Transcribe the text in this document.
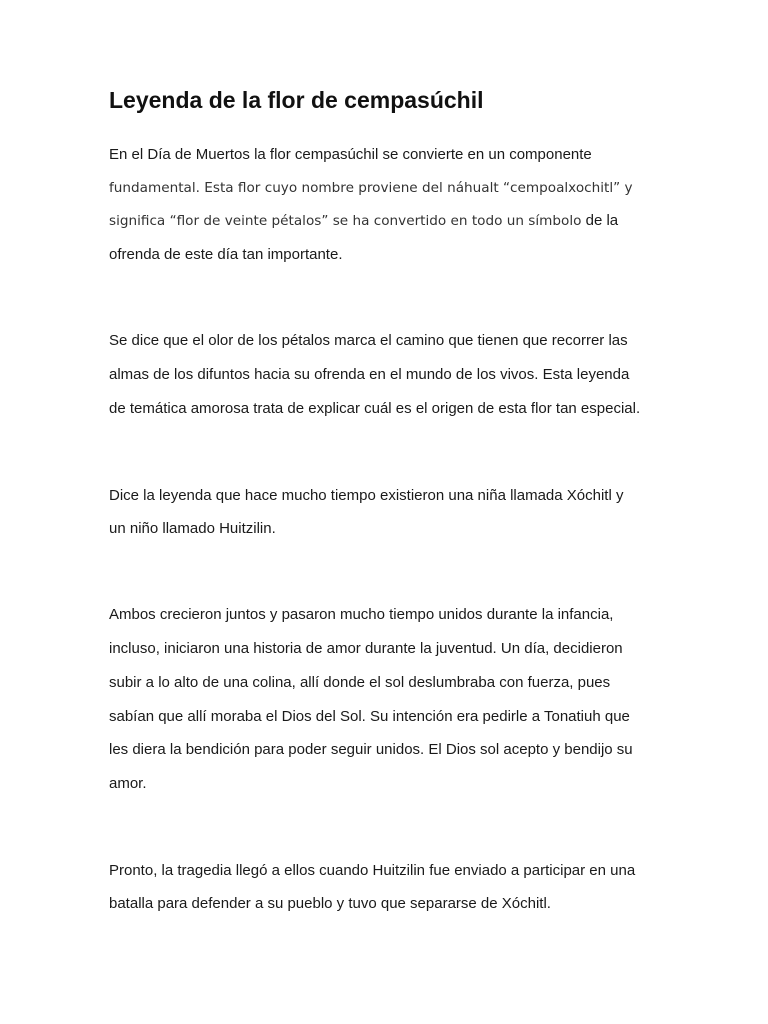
Leyenda de la flor de cempasúchil

En el Día de Muertos la flor cempasúchil se convierte en un componente

fundamental. Esta flor cuyo nombre proviene del náhualt “cempoalxochitl” y

significa “flor de veinte pétalos” se ha convertido en todo un símbolo de la

ofrenda de este día tan importante.

Se dice que el olor de los pétalos marca el camino que tienen que recorrer las

almas de los difuntos hacia su ofrenda en el mundo de los vivos. Esta leyenda

de temática amorosa trata de explicar cuál es el origen de esta flor tan especial.

Dice la leyenda que hace mucho tiempo existieron una niña llamada Xóchitl y

un niño llamado Huitzilin.

Ambos crecieron juntos y pasaron mucho tiempo unidos durante la infancia,

incluso, iniciaron una historia de amor durante la juventud. Un día, decidieron

subir a lo alto de una colina, allí donde el sol deslumbraba con fuerza, pues

sabían que allí moraba el Dios del Sol. Su intención era pedirle a Tonatiuh que

les diera la bendición para poder seguir unidos. El Dios sol acepto y bendijo su

amor.

Pronto, la tragedia llegó a ellos cuando Huitzilin fue enviado a participar en una

batalla para defender a su pueblo y tuvo que separarse de Xóchitl.
